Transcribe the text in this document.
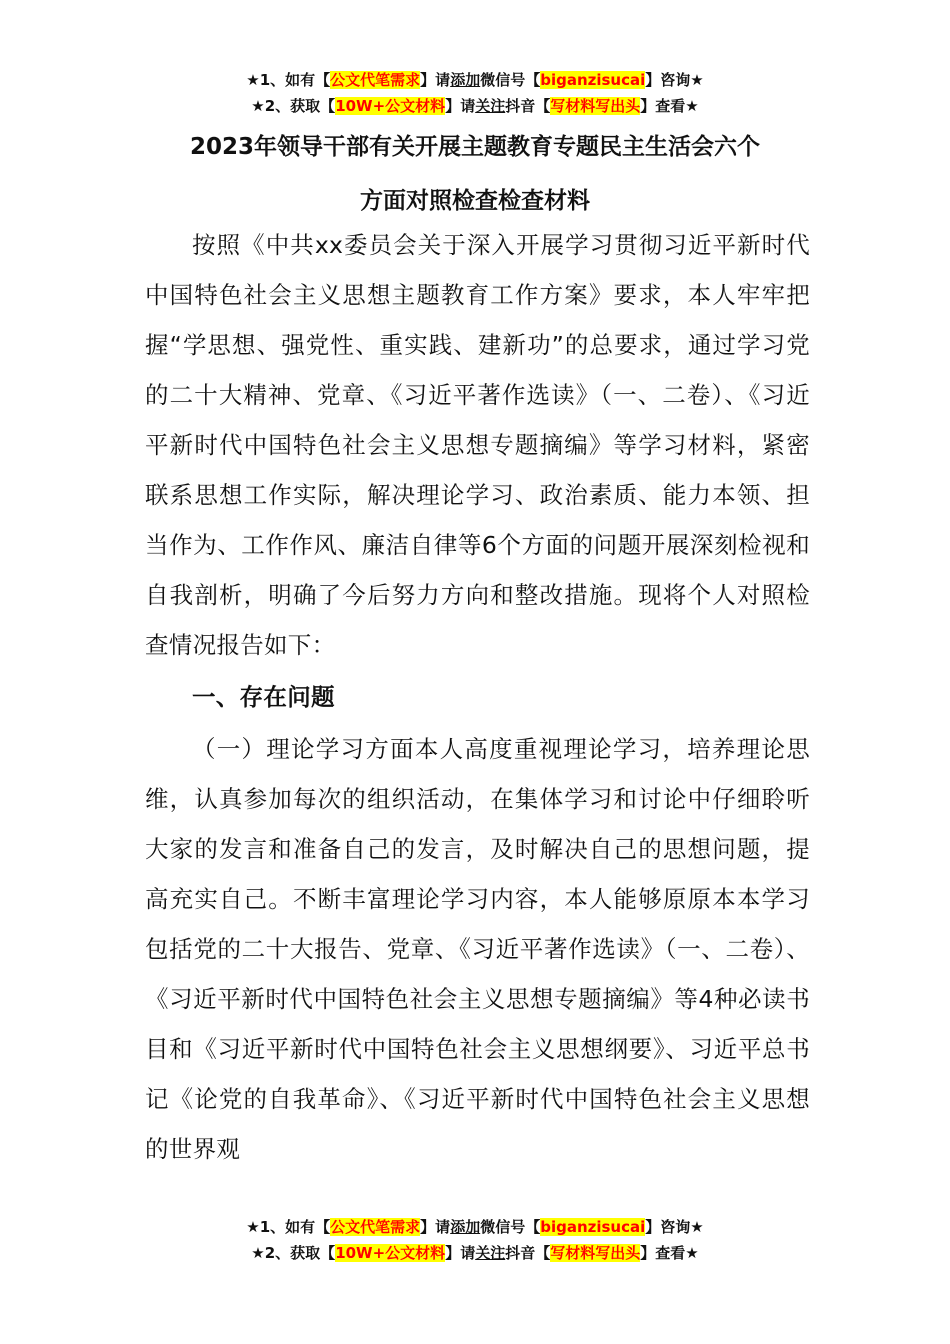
★1、如有【公文代笔需求】请添加微信号【biganzisucai】咨询★
★2、获取【10W+公文材料】请关注抖音【写材料写出头】查看★
2023年领导干部有关开展主题教育专题民主生活会六个
方面对照检查检查材料

按照《中共xx委员会关于深入开展学习贯彻习近平新时代中国特色社会主义思想主题教育工作方案》要求，本人牢牢把握“学思想、强党性、重实践、建新功”的总要求，通过学习党的二十大精神、党章、《习近平著作选读》（一、二卷）、《习近平新时代中国特色社会主义思想专题摘编》等学习材料，紧密联系思想工作实际，解决理论学习、政治素质、能力本领、担当作为、工作作风、廉洁自律等6个方面的问题开展深刻检视和自我剖析，明确了今后努力方向和整改措施。现将个人对照检查情况报告如下：

一、存在问题

（一）理论学习方面本人高度重视理论学习，培养理论思维，认真参加每次的组织活动，在集体学习和讨论中仔细聆听大家的发言和准备自己的发言，及时解决自己的思想问题，提高充实自己。不断丰富理论学习内容，本人能够原原本本学习包括党的二十大报告、党章、《习近平著作选读》（一、二卷）、《习近平新时代中国特色社会主义思想专题摘编》等4种必读书目和《习近平新时代中国特色社会主义思想纲要》、习近平总书记《论党的自我革命》、《习近平新时代中国特色社会主义思想的世界观

★1、如有【公文代笔需求】请添加微信号【biganzisucai】咨询★
★2、获取【10W+公文材料】请关注抖音【写材料写出头】查看★
